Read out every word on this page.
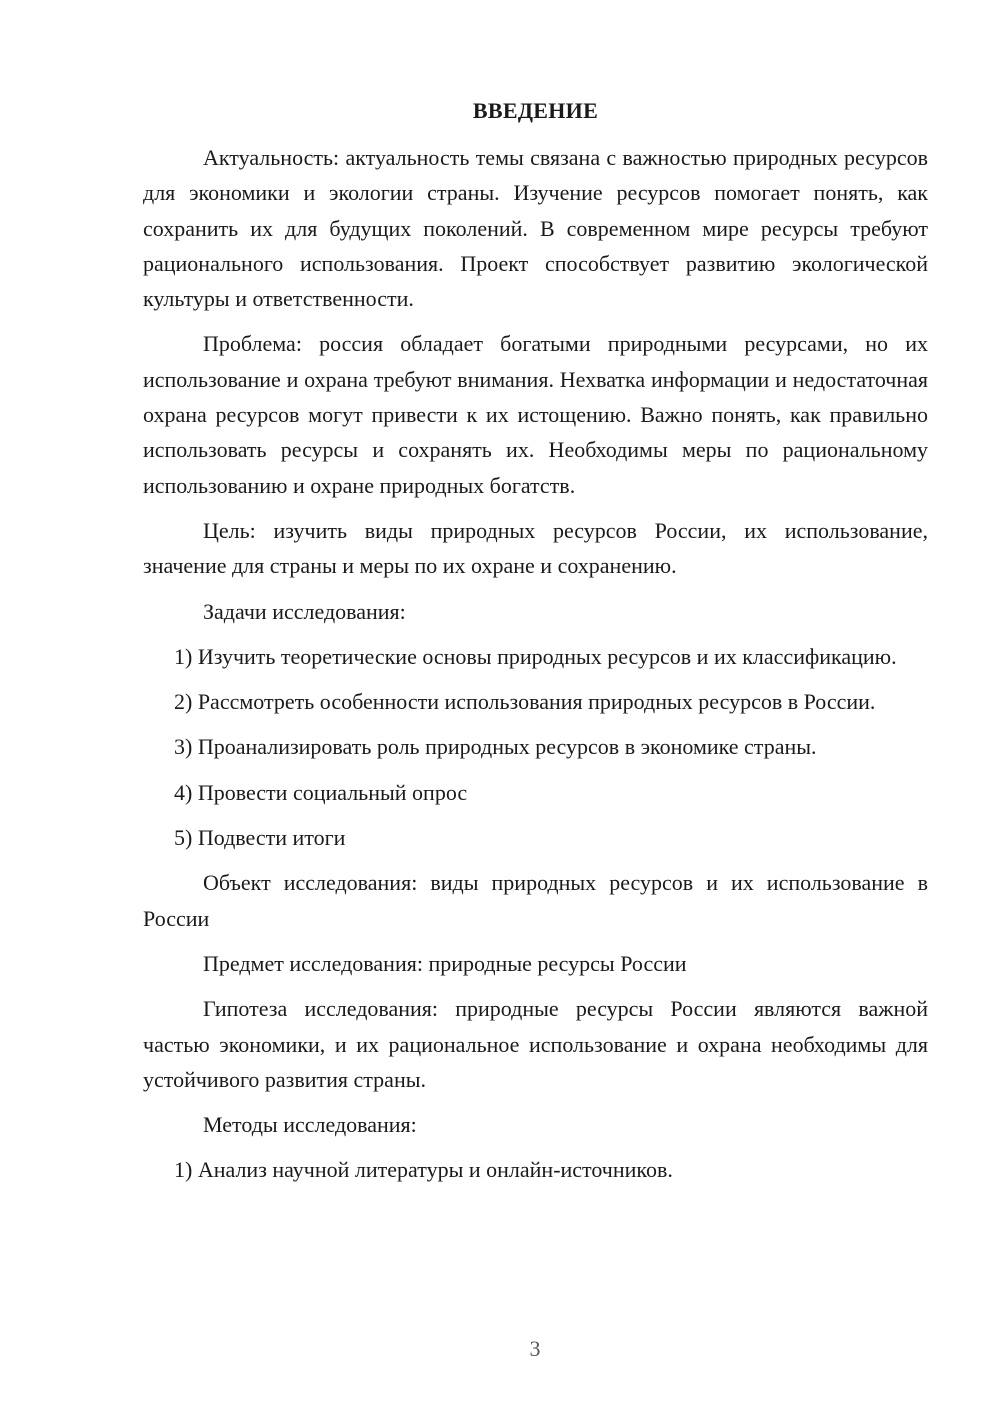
ВВЕДЕНИЕ

Актуальность: актуальность темы связана с важностью природных ресурсов для экономики и экологии страны. Изучение ресурсов помогает понять, как сохранить их для будущих поколений. В современном мире ресурсы требуют рационального использования. Проект способствует развитию экологической культуры и ответственности.

Проблема: россия обладает богатыми природными ресурсами, но их использование и охрана требуют внимания. Нехватка информации и недостаточная охрана ресурсов могут привести к их истощению. Важно понять, как правильно использовать ресурсы и сохранять их. Необходимы меры по рациональному использованию и охране природных богатств.

Цель: изучить виды природных ресурсов России, их использование, значение для страны и меры по их охране и сохранению.

Задачи исследования:

1) Изучить теоретические основы природных ресурсов и их классификацию.

2) Рассмотреть особенности использования природных ресурсов в России.

3) Проанализировать роль природных ресурсов в экономике страны.

4) Провести социальный опрос

5) Подвести итоги

Объект исследования: виды природных ресурсов и их использование в России

Предмет исследования: природные ресурсы России

Гипотеза исследования: природные ресурсы России являются важной частью экономики, и их рациональное использование и охрана необходимы для устойчивого развития страны.

Методы исследования:

1) Анализ научной литературы и онлайн-источников.

3
